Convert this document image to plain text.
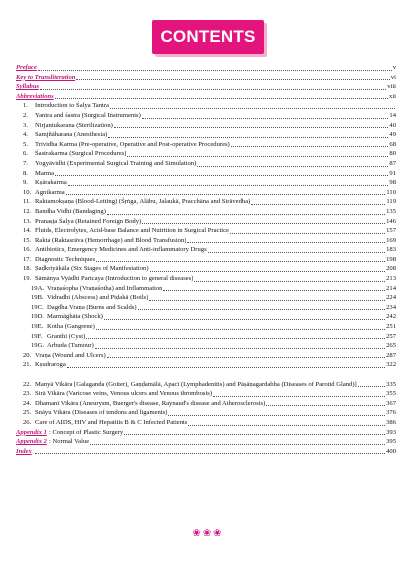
CONTENTS
Preface	v
Key to Transliteration	vi
Syllabus	viii
Abbreviations	xii
1.	Introduction to Śalya Tantra
2.	Yantra and śastra (Surgical Instruments)	14
3.	Nirjantukarana (Sterilization)	40
4.	Samjñāharana (Anesthesia)	49
5.	Trividha Karma (Pre-operative, Operative and Post-operative Procedures)	68
6.	Śastrakarma (Surgical Procedures)	80
7.	Yogyāvidhi (Experimental Surgical Training and Simulation)	87
8.	Marma	91
9.	Kṣārakarma	98
10. Agnikarma	110
11. Raktamokṣaṇa (Blood-Letting) (Śṛṅga, Alābu, Jalaukā, Pracchāna and Sirāvedha)	119
12. Bandha Vidhi (Bandaging)	135
13. Pranaṣṭa Śalya (Retained Foreign Body)	146
14. Fluids, Electrolytes, Acid-base Balance and Nutrition in Surgical Practice	157
15. Rakta (Raktasrāva (Hemorrhage) and Blood Transfusion)	169
16. Antibiotics, Emergency Medicines and Anti-inflammatory Drugs	183
17. Diagnostic Techniques	198
18. Ṣaḍkriyākāla (Six Stages of Manifestation)	208
19. Sāmānya Vyādhi Paricaya (Introduction to general diseases)	213
19A. Vraṇaśopha (Vraṇaśotha) and Inflammation	214
19B. Vidradhi (Abscess) and Piḍakā (Boils)	224
19C. Dagdha Vraṇa (Burns and Scalds)	234
19D. Marmāghāta (Shock)	242
19E. Kotha (Gangrene)	251
19F. Granthi (Cyst)	257
19G. Arbuda (Tumour)	265
20. Vraṇa (Wound and Ulcers)	287
21. Kṣudraroga	322
22. Manyā Vikāra [Galaganda (Goiter), Gaṇḍamālā, Apacī (Lymphadenitis) and Pāṣāṇagardabha (Diseases of Parotid Gland)]	335
23. Sirā Vikāra (Varicose veins, Venous ulcers and Venous thrombosis)	355
24. Dhamanī Vikāra (Aneurysm, Buerger's disease, Raynaud's disease and Atherosclerosis)	367
25. Snāyu Vikāra (Diseases of tendons and ligaments)	376
26. Care of AIDS, HIV and Hepatitis B & C Infected Patients	386
Appendix 1 : Concept of Plastic Surgery	393
Appendix 2 : Normal Value	395
Index	400
❀❀❀
